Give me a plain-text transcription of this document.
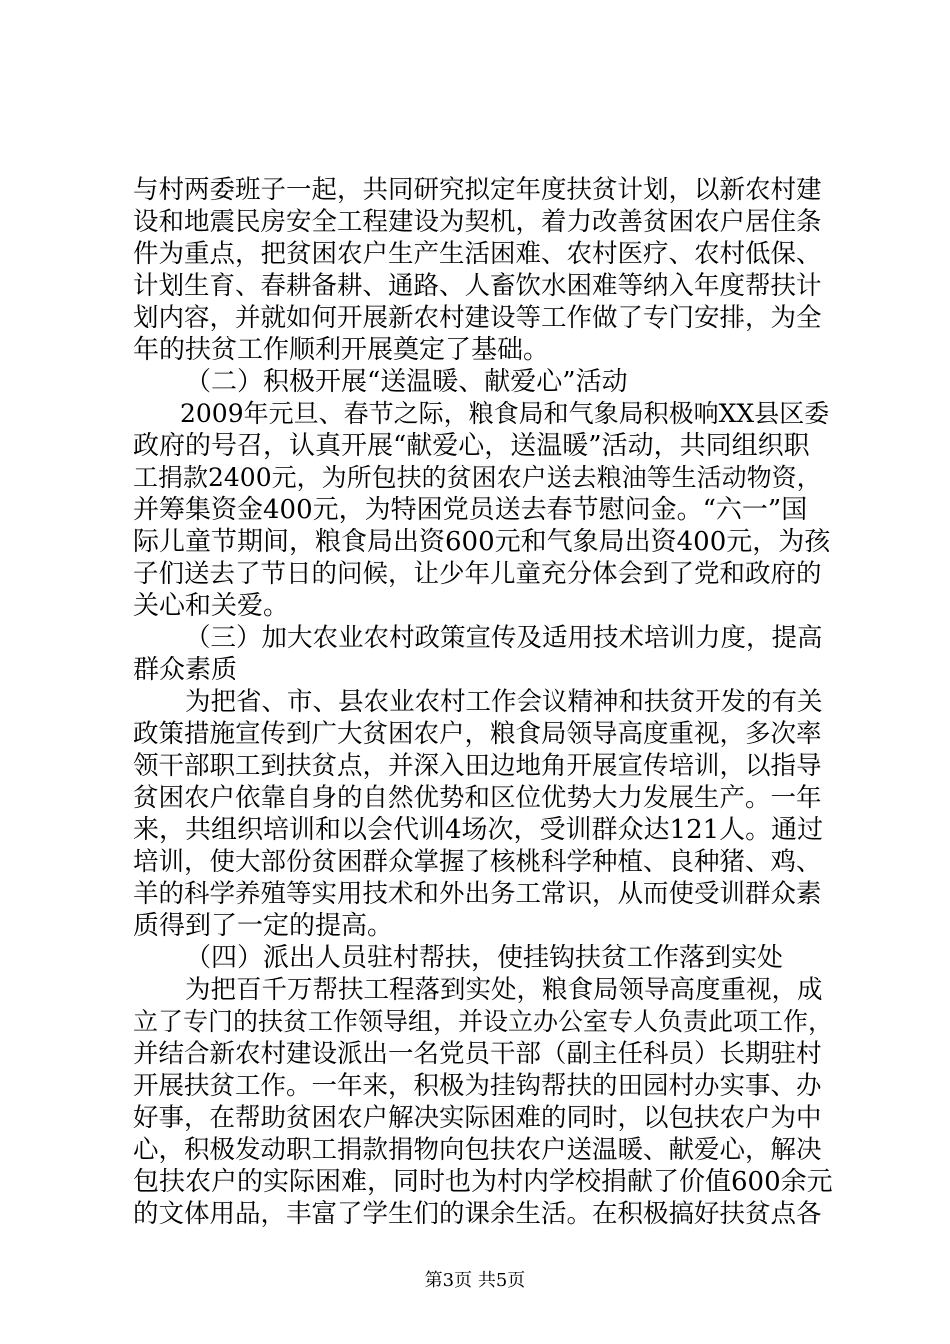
与村两委班子一起，共同研究拟定年度扶贫计划，以新农村建
设和地震民房安全工程建设为契机，着力改善贫困农户居住条
件为重点，把贫困农户生产生活困难、农村医疗、农村低保、
计划生育、春耕备耕、通路、人畜饮水困难等纳入年度帮扶计
划内容，并就如何开展新农村建设等工作做了专门安排，为全
年的扶贫工作顺利开展奠定了基础。
（二）积极开展“送温暖、献爱心”活动
2009年元旦、春节之际，粮食局和气象局积极响XX县区委
政府的号召，认真开展“献爱心，送温暖”活动，共同组织职
工捐款2400元，为所包扶的贫困农户送去粮油等生活动物资，
并筹集资金400元，为特困党员送去春节慰问金。“六一”国
际儿童节期间，粮食局出资600元和气象局出资400元，为孩
子们送去了节日的问候，让少年儿童充分体会到了党和政府的
关心和关爱。
（三）加大农业农村政策宣传及适用技术培训力度，提高
群众素质
为把省、市、县农业农村工作会议精神和扶贫开发的有关
政策措施宣传到广大贫困农户，粮食局领导高度重视，多次率
领干部职工到扶贫点，并深入田边地角开展宣传培训，以指导
贫困农户依靠自身的自然优势和区位优势大力发展生产。一年
来，共组织培训和以会代训4场次，受训群众达121人。通过
培训，使大部份贫困群众掌握了核桃科学种植、良种猪、鸡、
羊的科学养殖等实用技术和外出务工常识，从而使受训群众素
质得到了一定的提高。
（四）派出人员驻村帮扶，使挂钩扶贫工作落到实处
为把百千万帮扶工程落到实处，粮食局领导高度重视，成
立了专门的扶贫工作领导组，并设立办公室专人负责此项工作，
并结合新农村建设派出一名党员干部（副主任科员）长期驻村
开展扶贫工作。一年来，积极为挂钩帮扶的田园村办实事、办
好事，在帮助贫困农户解决实际困难的同时，以包扶农户为中
心，积极发动职工捐款捐物向包扶农户送温暖、献爱心，解决
包扶农户的实际困难，同时也为村内学校捐献了价值600余元
的文体用品，丰富了学生们的课余生活。在积极搞好扶贫点各
第3页 共5页
